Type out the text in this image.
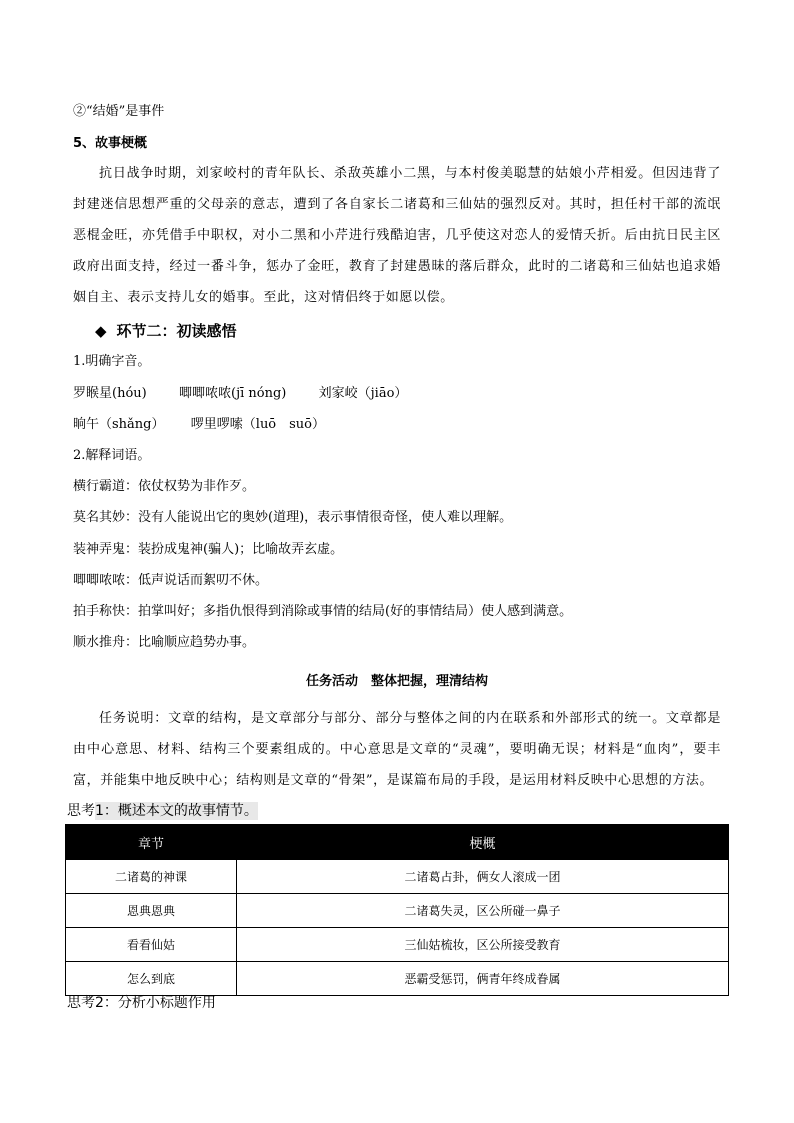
②“结婚”是事件
5、故事梗概
抗日战争时期，刘家峧村的青年队长、杀敌英雄小二黑，与本村俊美聪慧的姑娘小芹相爱。但因违背了封建迷信思想严重的父母亲的意志，遭到了各自家长二诸葛和三仙姑的强烈反对。其时，担任村干部的流氓恶棍金旺，亦凭借手中职权，对小二黑和小芹进行残酷迫害，几乎使这对恋人的爱情夭折。后由抗日民主区政府出面支持，经过一番斗争，惩办了金旺，教育了封建愚昧的落后群众，此时的二诸葛和三仙姑也追求婚姻自主、表示支持儿女的婚事。至此，这对情侣终于如愿以偿。
◆ 环节二：初读感悟
1.明确字音。
罗睺星(hóu) 唧唧哝哝(jī nóng) 刘家峧（jiāo）
晌午（shǎng） 啰里啰嗦（luō　suō）
2.解释词语。
横行霸道：依仗权势为非作歹。
莫名其妙：没有人能说出它的奥妙(道理)，表示事情很奇怪，使人难以理解。
装神弄鬼：装扮成鬼神(骗人)；比喻故弄玄虚。
唧唧哝哝：低声说话而絮叨不休。
拍手称快：拍掌叫好；多指仇恨得到消除或事情的结局(好的事情结局）使人感到满意。
顺水推舟：比喻顺应趋势办事。
任务活动　整体把握，理清结构
任务说明：文章的结构，是文章部分与部分、部分与整体之间的内在联系和外部形式的统一。文章都是由中心意思、材料、结构三个要素组成的。中心意思是文章的“灵魂”，要明确无误；材料是“血肉”，要丰富，并能集中地反映中心；结构则是文章的“骨架”，是谋篇布局的手段，是运用材料反映中心思想的方法。
思考1：概述本文的故事情节。
章节	梗概
二诸葛的神课	二诸葛占卦，俩女人滚成一团
恩典恩典	二诸葛失灵，区公所碰一鼻子
看看仙姑	三仙姑梳妆，区公所接受教育
怎么到底	恶霸受惩罚，俩青年终成眷属
思考2：分析小标题作用
